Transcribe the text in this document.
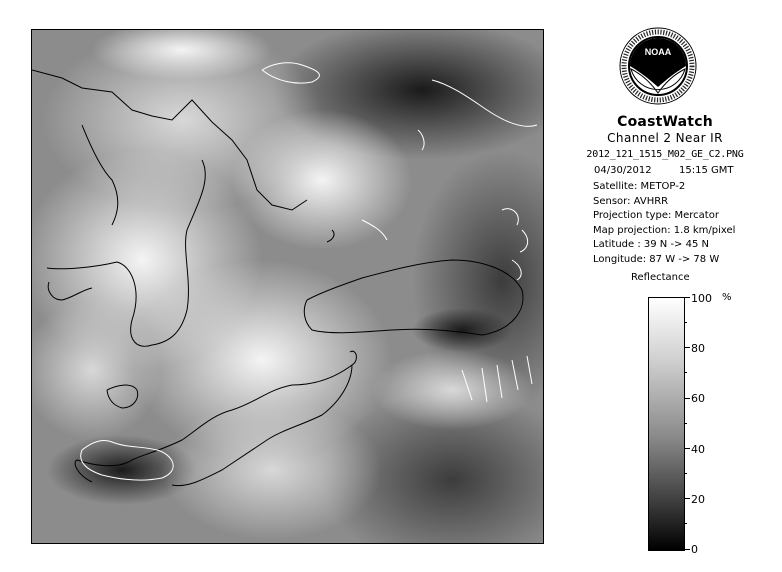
NOAA
CoastWatch
Channel 2 Near IR
2012_121_1515_M02_GE_C2.PNG
04/30/2012	15:15 GMT
Satellite: METOP-2
Sensor: AVHRR
Projection type: Mercator
Map projection: 1.8 km/pixel
Latitude : 39 N -> 45 N
Longitude: 87 W -> 78 W
Reflectance
%
100
80
60
40
20
0
